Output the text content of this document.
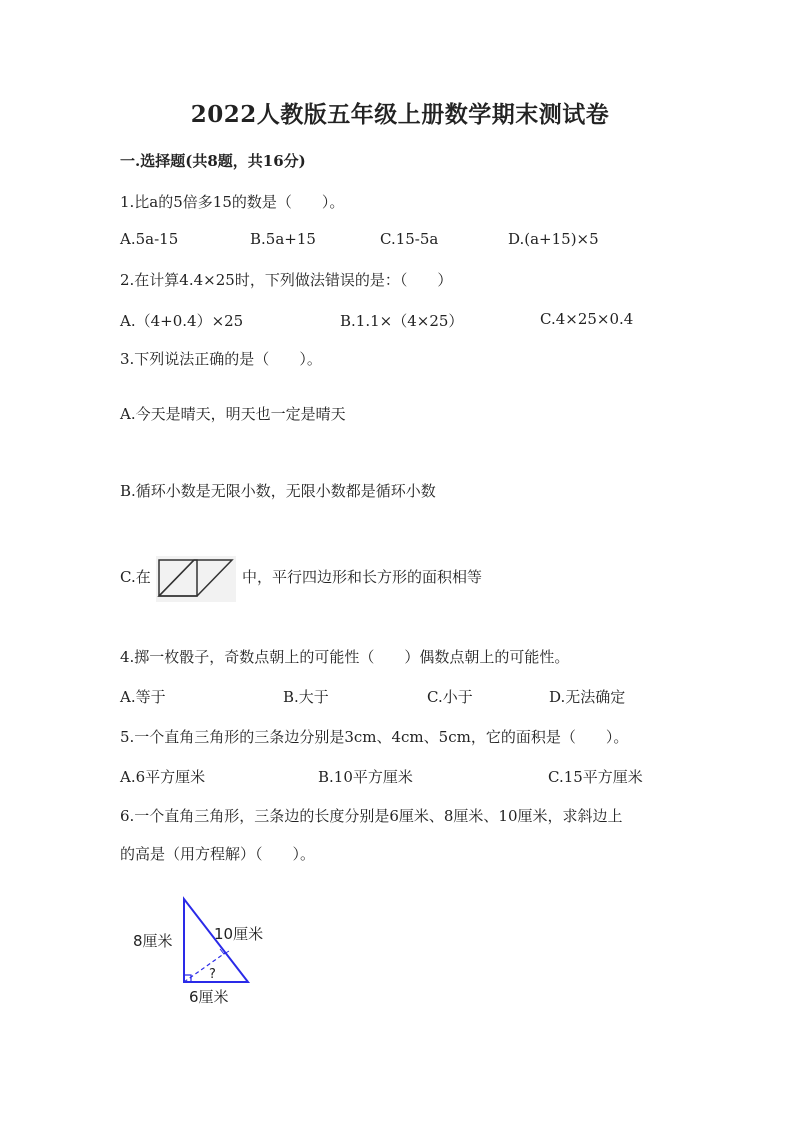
2022人教版五年级上册数学期末测试卷
一.选择题(共8题，共16分)
1.比a的5倍多15的数是（　　）。
A.5a-15	B.5a+15	C.15-5a	D.(a+15)×5
2.在计算4.4×25时，下列做法错误的是：（　　）
A.（4+0.4）×25	B.1.1×（4×25）	C.4×25×0.4
3.下列说法正确的是（　　）。
A.今天是晴天，明天也一定是晴天
B.循环小数是无限小数，无限小数都是循环小数
C.在	中，平行四边形和长方形的面积相等
4.掷一枚骰子，奇数点朝上的可能性（　　）偶数点朝上的可能性。
A.等于	B.大于	C.小于	D.无法确定
5.一个直角三角形的三条边分别是3cm、4cm、5cm，它的面积是（　　）。
A.6平方厘米	B.10平方厘米	C.15平方厘米
6.一个直角三角形，三条边的长度分别是6厘米、8厘米、10厘米，求斜边上
的高是（用方程解）（　　）。
8厘米	10厘米
?
6厘米
